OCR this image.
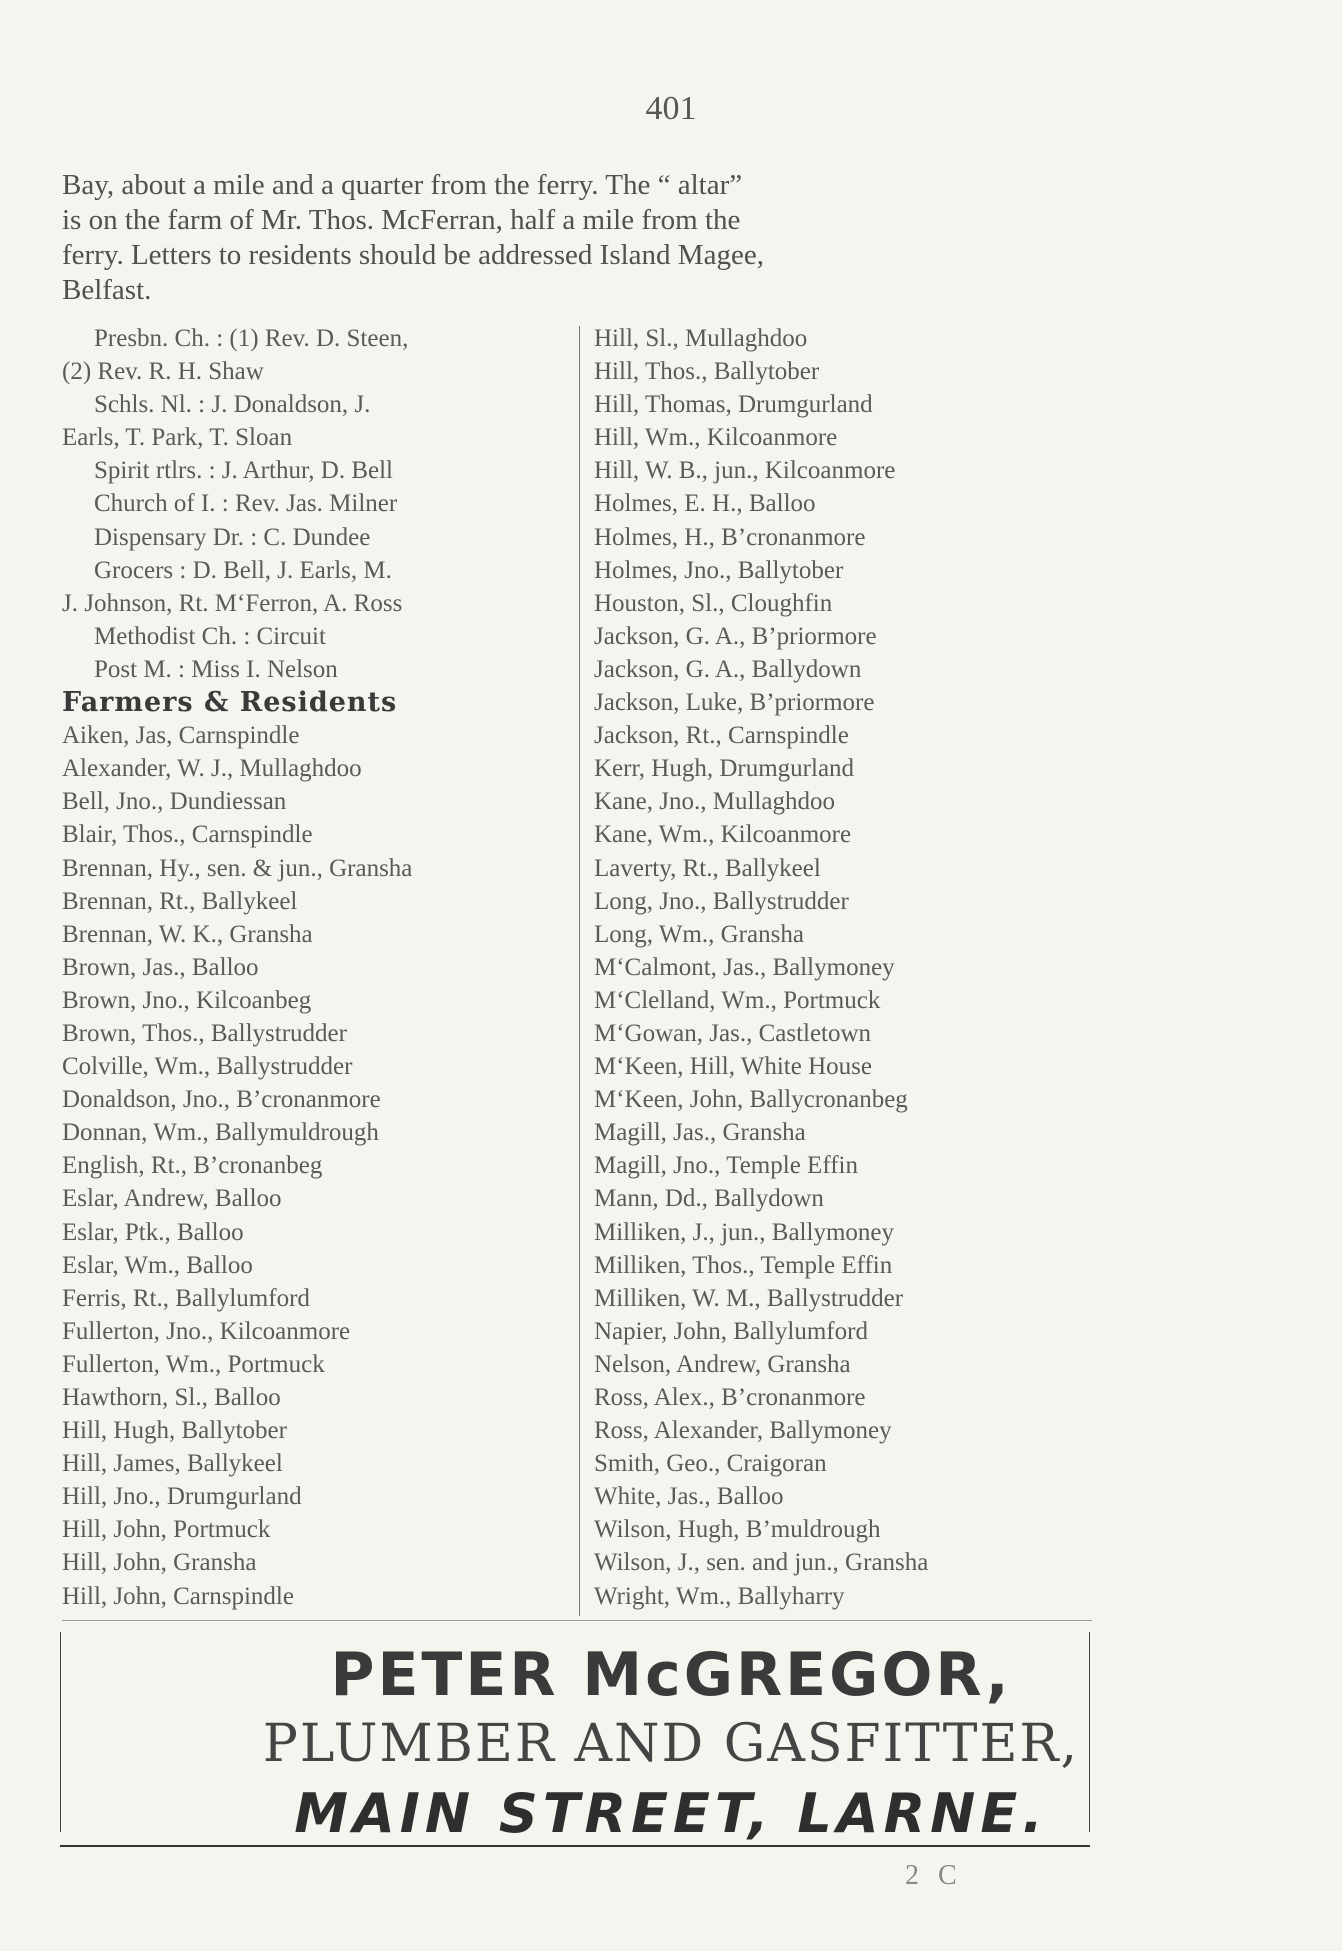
401
Bay, about a mile and a quarter from the ferry. The “ altar”
is on the farm of Mr. Thos. McFerran, half a mile from the
ferry. Letters to residents should be addressed Island Magee,
Belfast.
Presbn. Ch. : (1) Rev. D. Steen,
(2) Rev. R. H. Shaw
Schls. Nl. : J. Donaldson, J.
Earls, T. Park, T. Sloan
Spirit rtlrs. : J. Arthur, D. Bell
Church of I. : Rev. Jas. Milner
Dispensary Dr. : C. Dundee
Grocers : D. Bell, J. Earls, M.
J. Johnson, Rt. M‘Ferron, A. Ross
Methodist Ch. : Circuit
Post M. : Miss I. Nelson
Farmers & Residents
Aiken, Jas, Carnspindle
Alexander, W. J., Mullaghdoo
Bell, Jno., Dundiessan
Blair, Thos., Carnspindle
Brennan, Hy., sen. & jun., Gransha
Brennan, Rt., Ballykeel
Brennan, W. K., Gransha
Brown, Jas., Balloo
Brown, Jno., Kilcoanbeg
Brown, Thos., Ballystrudder
Colville, Wm., Ballystrudder
Donaldson, Jno., B’cronanmore
Donnan, Wm., Ballymuldrough
English, Rt., B’cronanbeg
Eslar, Andrew, Balloo
Eslar, Ptk., Balloo
Eslar, Wm., Balloo
Ferris, Rt., Ballylumford
Fullerton, Jno., Kilcoanmore
Fullerton, Wm., Portmuck
Hawthorn, Sl., Balloo
Hill, Hugh, Ballytober
Hill, James, Ballykeel
Hill, Jno., Drumgurland
Hill, John, Portmuck
Hill, John, Gransha
Hill, John, Carnspindle
Hill, Sl., Mullaghdoo
Hill, Thos., Ballytober
Hill, Thomas, Drumgurland
Hill, Wm., Kilcoanmore
Hill, W. B., jun., Kilcoanmore
Holmes, E. H., Balloo
Holmes, H., B’cronanmore
Holmes, Jno., Ballytober
Houston, Sl., Cloughfin
Jackson, G. A., B’priormore
Jackson, G. A., Ballydown
Jackson, Luke, B’priormore
Jackson, Rt., Carnspindle
Kerr, Hugh, Drumgurland
Kane, Jno., Mullaghdoo
Kane, Wm., Kilcoanmore
Laverty, Rt., Ballykeel
Long, Jno., Ballystrudder
Long, Wm., Gransha
M‘Calmont, Jas., Ballymoney
M‘Clelland, Wm., Portmuck
M‘Gowan, Jas., Castletown
M‘Keen, Hill, White House
M‘Keen, John, Ballycronanbeg
Magill, Jas., Gransha
Magill, Jno., Temple Effin
Mann, Dd., Ballydown
Milliken, J., jun., Ballymoney
Milliken, Thos., Temple Effin
Milliken, W. M., Ballystrudder
Napier, John, Ballylumford
Nelson, Andrew, Gransha
Ross, Alex., B’cronanmore
Ross, Alexander, Ballymoney
Smith, Geo., Craigoran
White, Jas., Balloo
Wilson, Hugh, B’muldrough
Wilson, J., sen. and jun., Gransha
Wright, Wm., Ballyharry
PETER McGREGOR,
PLUMBER AND GASFITTER,
MAIN STREET, LARNE.
2 C
